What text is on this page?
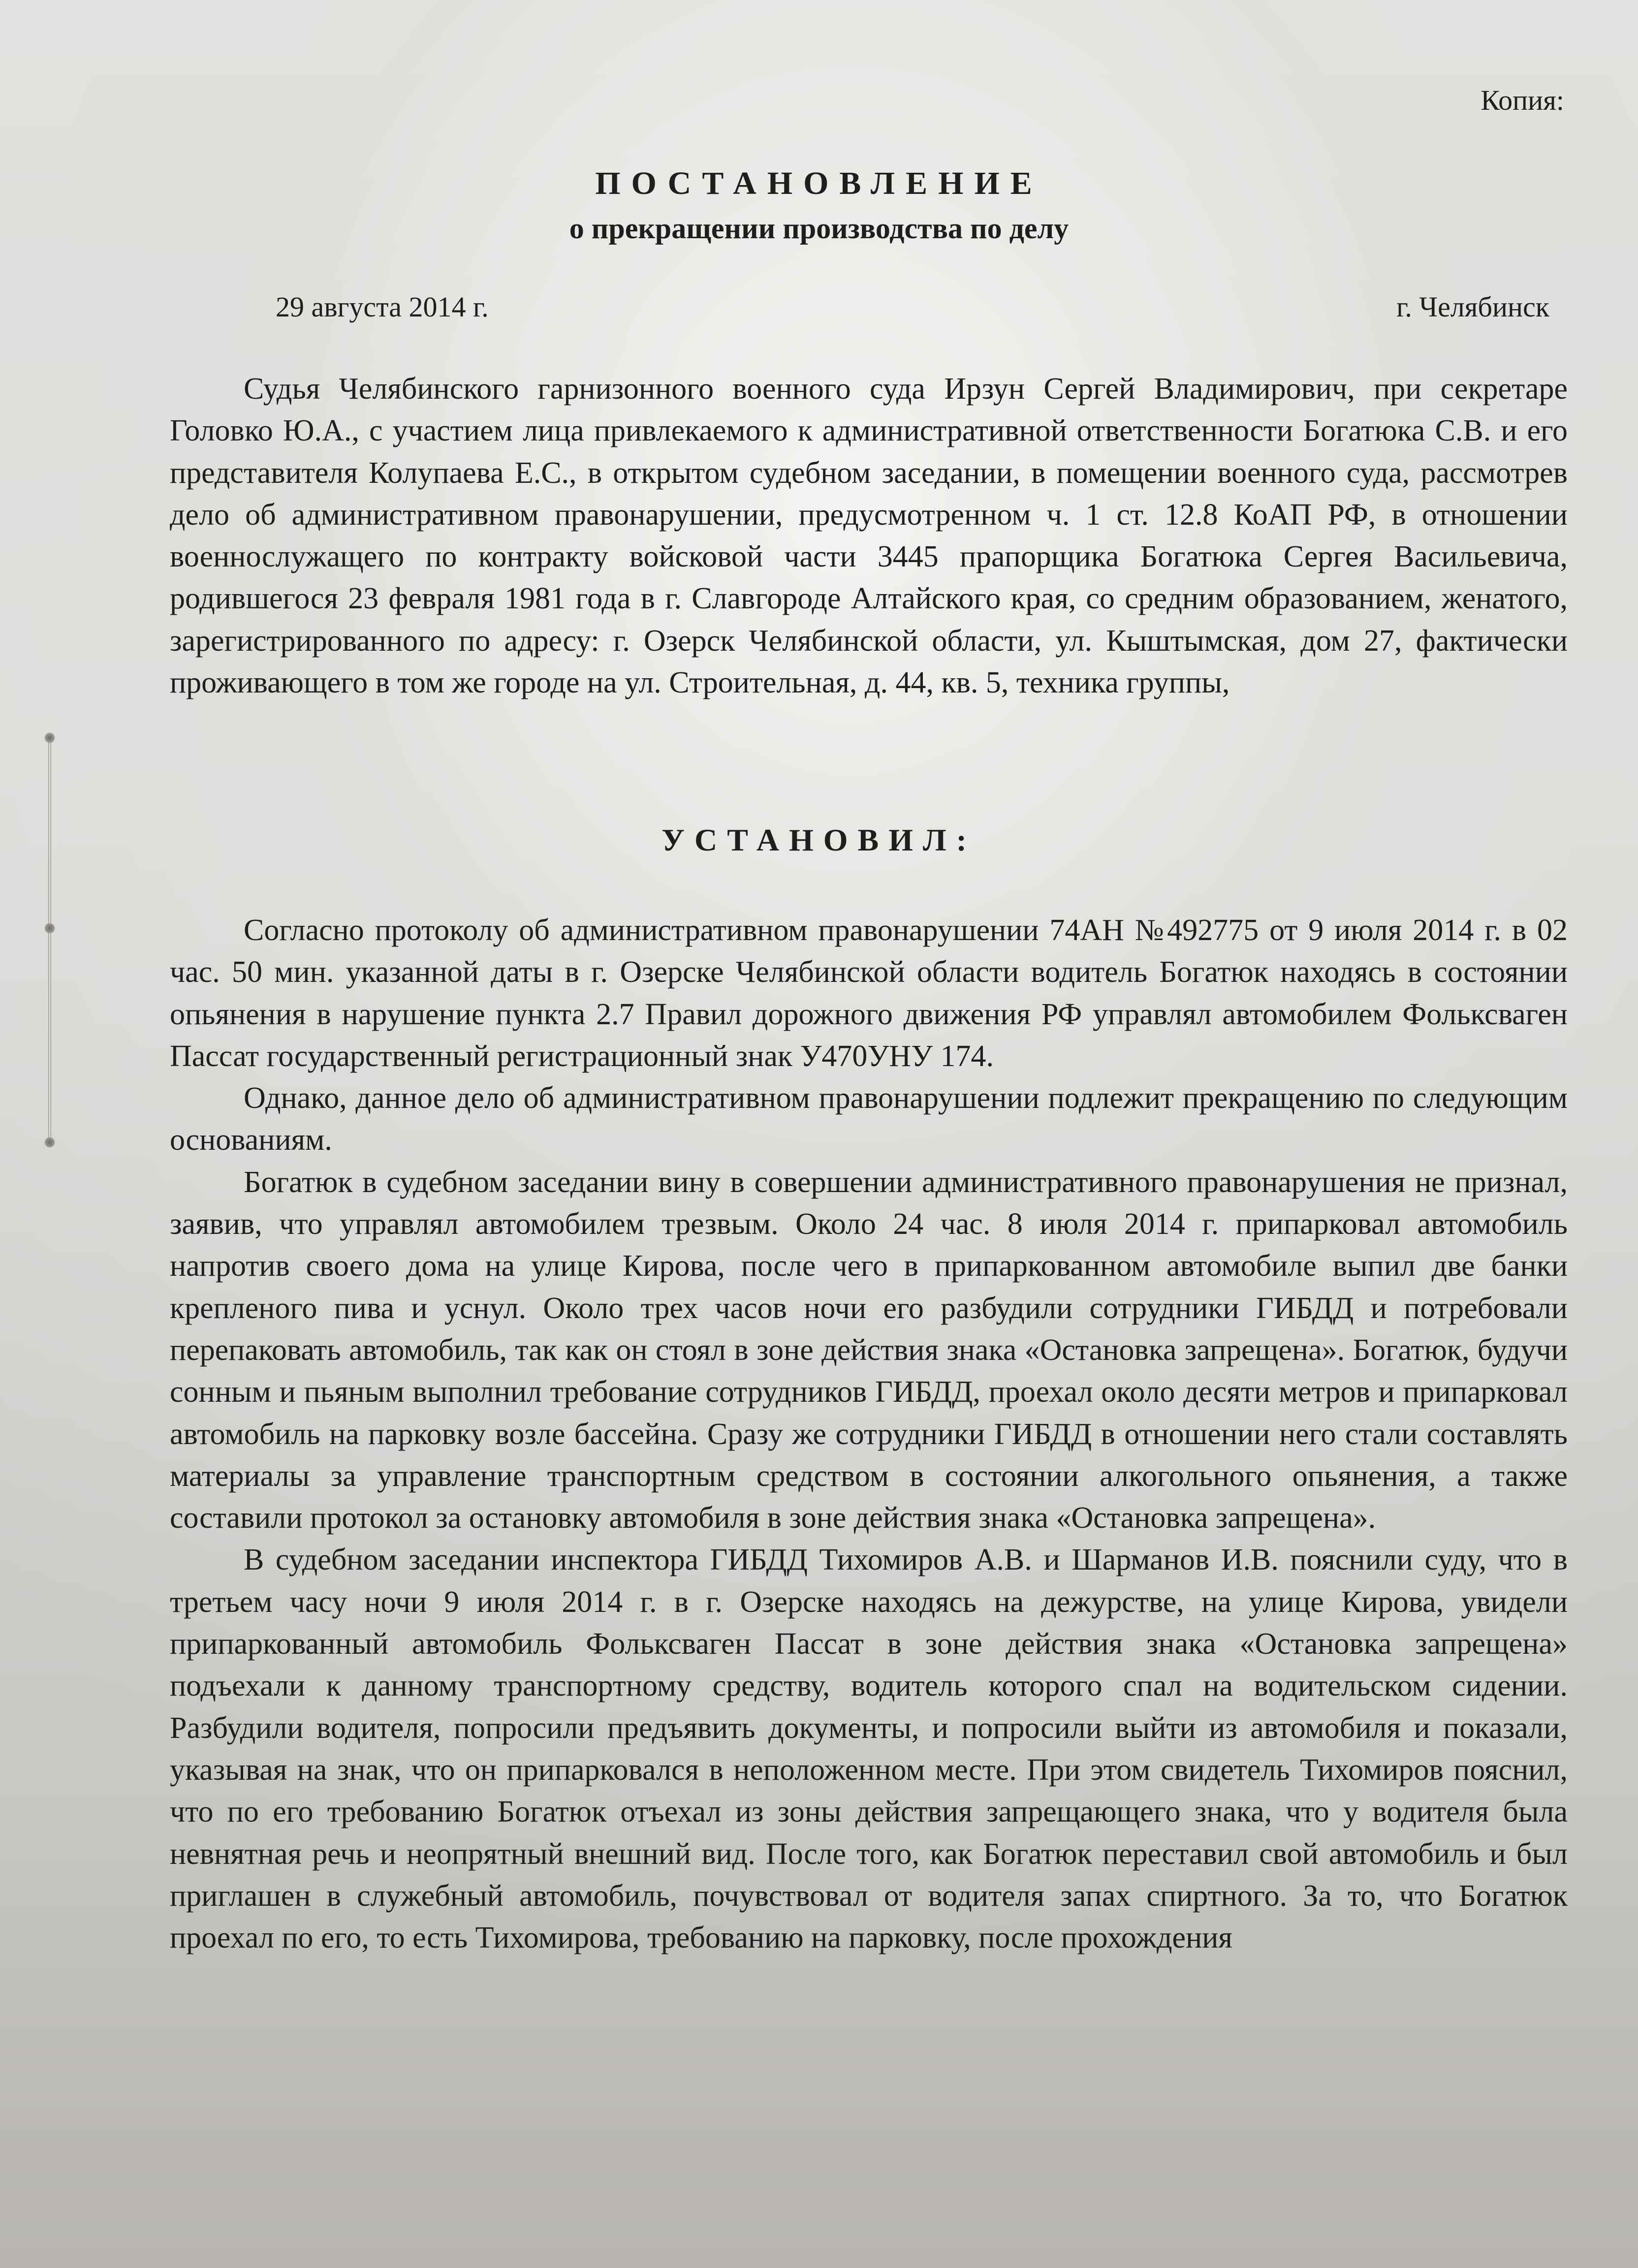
Копия:
ПОСТАНОВЛЕНИЕ
о прекращении производства по делу
29 августа 2014 г.	г. Челябинск

Судья Челябинского гарнизонного военного суда Ирзун Сергей Владимирович, при секретаре Головко Ю.А., с участием лица привлекаемого к административной ответственности Богатюка С.В. и его представителя Колупаева Е.С., в открытом судебном заседании, в помещении военного суда, рассмотрев дело об административном правонарушении, предусмотренном ч. 1 ст. 12.8 КоАП РФ, в отношении военнослужащего по контракту войсковой части 3445 прапорщика Богатюка Сергея Васильевича, родившегося 23 февраля 1981 года в г. Славгороде Алтайского края, со средним образованием, женатого, зарегистрированного по адресу: г. Озерск Челябинской области, ул. Кыштымская, дом 27, фактически проживающего в том же городе на ул. Строительная, д. 44, кв. 5, техника группы,

УСТАНОВИЛ:

Согласно протоколу об административном правонарушении 74АН №492775 от 9 июля 2014 г. в 02 час. 50 мин. указанной даты в г. Озерске Челябинской области водитель Богатюк находясь в состоянии опьянения в нарушение пункта 2.7 Правил дорожного движения РФ управлял автомобилем Фольксваген Пассат государственный регистрационный знак У470УНУ 174.

Однако, данное дело об административном правонарушении подлежит прекращению по следующим основаниям.

Богатюк в судебном заседании вину в совершении административного правонарушения не признал, заявив, что управлял автомобилем трезвым. Около 24 час. 8 июля 2014 г. припарковал автомобиль напротив своего дома на улице Кирова, после чего в припаркованном автомобиле выпил две банки крепленого пива и уснул. Около трех часов ночи его разбудили сотрудники ГИБДД и потребовали перепаковать автомобиль, так как он стоял в зоне действия знака «Остановка запрещена». Богатюк, будучи сонным и пьяным выполнил требование сотрудников ГИБДД, проехал около десяти метров и припарковал автомобиль на парковку возле бассейна. Сразу же сотрудники ГИБДД в отношении него стали составлять материалы за управление транспортным средством в состоянии алкогольного опьянения, а также составили протокол за остановку автомобиля в зоне действия знака «Остановка запрещена».

В судебном заседании инспектора ГИБДД Тихомиров А.В. и Шарманов И.В. пояснили суду, что в третьем часу ночи 9 июля 2014 г. в г. Озерске находясь на дежурстве, на улице Кирова, увидели припаркованный автомобиль Фольксваген Пассат в зоне действия знака «Остановка запрещена» подъехали к данному транспортному средству, водитель которого спал на водительском сидении. Разбудили водителя, попросили предъявить документы, и попросили выйти из автомобиля и показали, указывая на знак, что он припарковался в неположенном месте. При этом свидетель Тихомиров пояснил, что по его требованию Богатюк отъехал из зоны действия запрещающего знака, что у водителя была невнятная речь и неопрятный внешний вид. После того, как Богатюк переставил свой автомобиль и был приглашен в служебный автомобиль, почувствовал от водителя запах спиртного. За то, что Богатюк проехал по его, то есть Тихомирова, требованию на парковку, после прохождения
